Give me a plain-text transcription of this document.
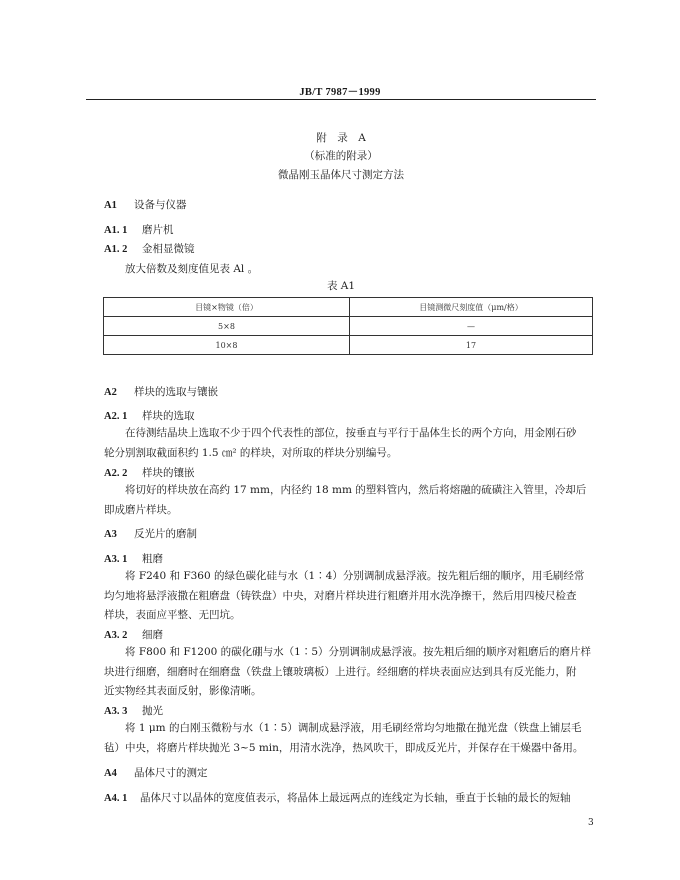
JB/T 7987－1999
附　录　A
（标准的附录）
微晶刚玉晶体尺寸测定方法
A1 设备与仪器
A1. 1 磨片机
A1. 2 金相显微镜
放大倍数及刻度值见表 Al 。
表 A1
目镜×物镜（倍）	目镜测微尺刻度值（μm/格）
5×8	—
10×8	17
A2 样块的选取与镶嵌
A2. 1 样块的选取
　　在待测结晶块上选取不少于四个代表性的部位，按垂直与平行于晶体生长的两个方向，用金刚石砂
轮分别割取截面积约 1.5 ㎝² 的样块，对所取的样块分别编号。
A2. 2 样块的镶嵌
　　将切好的样块放在高约 17 mm，内径约 18 mm 的塑料管内，然后将熔融的硫磺注入管里，冷却后
即成磨片样块。
A3 反光片的磨制
A3. 1 粗磨
　　将 F240 和 F360 的绿色碳化硅与水（1∶4）分别调制成悬浮液。按先粗后细的顺序，用毛刷经常
均匀地将悬浮液撒在粗磨盘（铸铁盘）中央，对磨片样块进行粗磨并用水洗净擦干，然后用四棱尺检查
样块，表面应平整、无凹坑。
A3. 2 细磨
　　将 F800 和 F1200 的碳化硼与水（1∶5）分别调制成悬浮液。按先粗后细的顺序对粗磨后的磨片样
块进行细磨，细磨时在细磨盘（铁盘上镶玻璃板）上进行。经细磨的样块表面应达到具有反光能力，附
近实物经其表面反射，影像清晰。
A3. 3 抛光
　　将 1 μm 的白刚玉微粉与水（1∶5）调制成悬浮液，用毛刷经常均匀地撒在抛光盘（铁盘上铺层毛
毡）中央，将磨片样块抛光 3~5 min，用清水洗净，热风吹干，即成反光片，并保存在干燥器中备用。
A4 晶体尺寸的测定
A4. 1 晶体尺寸以晶体的宽度值表示，将晶体上最远两点的连线定为长轴，垂直于长轴的最长的短轴
3
